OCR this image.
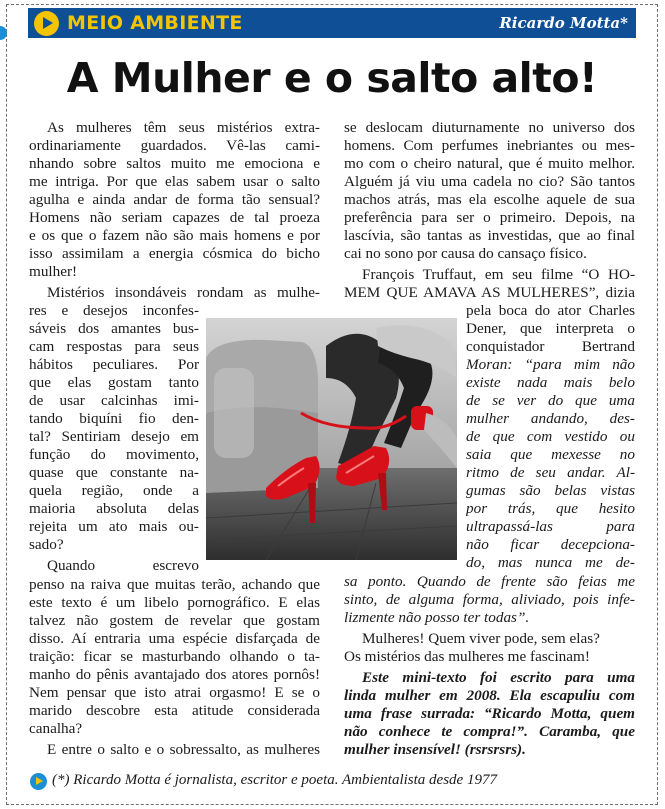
MEIO AMBIENTE	Ricardo Motta*
A Mulher e o salto alto!
As mulheres têm seus mistérios extra-
ordinariamente guardados. Vê-las cami-
nhando sobre saltos muito me emociona e
me intriga. Por que elas sabem usar o salto
agulha e ainda andar de forma tão sensual?
Homens não seriam capazes de tal proeza
e os que o fazem não são mais homens e por
isso assimilam a energia cósmica do bicho
mulher!
Mistérios insondáveis rondam as mulhe-
res e desejos inconfes-
sáveis dos amantes bus-
cam respostas para seus
hábitos peculiares. Por
que elas gostam tanto
de usar calcinhas imi-
tando biquíni fio den-
tal? Sentiriam desejo em
função do movimento,
quase que constante na-
quela região, onde a
maioria absoluta delas
rejeita um ato mais ou-
sado?
Quando escrevo
penso na raiva que muitas terão, achando que
este texto é um libelo pornográfico. E elas
talvez não gostem de revelar que gostam
disso. Aí entraria uma espécie disfarçada de
traição: ficar se masturbando olhando o ta-
manho do pênis avantajado dos atores pornôs!
Nem pensar que isto atrai orgasmo! E se o
marido descobre esta atitude considerada
canalha?
E entre o salto e o sobressalto, as mulheres
se deslocam diuturnamente no universo dos
homens. Com perfumes inebriantes ou mes-
mo com o cheiro natural, que é muito melhor.
Alguém já viu uma cadela no cio? São tantos
machos atrás, mas ela escolhe aquele de sua
preferência para ser o primeiro. Depois, na
lascívia, são tantas as investidas, que ao final
cai no sono por causa do cansaço físico.
François Truffaut, em seu filme “O HO-
MEM QUE AMAVA AS MULHERES”, dizia
pela boca do ator Charles
Dener, que interpreta o
conquistador Bertrand
Moran: “para mim não
existe nada mais belo
de se ver do que uma
mulher andando, des-
de que com vestido ou
saia que mexesse no
ritmo de seu andar. Al-
gumas são belas vistas
por trás, que hesito
ultrapassá-las para
não ficar decepciona-
do, mas nunca me de-
sa ponto. Quando de frente são feias me
sinto, de alguma forma, aliviado, pois infe-
lizmente não posso ter todas”.
Mulheres! Quem viver pode, sem elas?
Os mistérios das mulheres me fascinam!
Este mini-texto foi escrito para uma
linda mulher em 2008. Ela escapuliu com
uma frase surrada: “Ricardo Motta, quem
não conhece te compra!”. Caramba, que
mulher insensível! (rsrsrsrs).
(*) Ricardo Motta é jornalista, escritor e poeta. Ambientalista desde 1977
